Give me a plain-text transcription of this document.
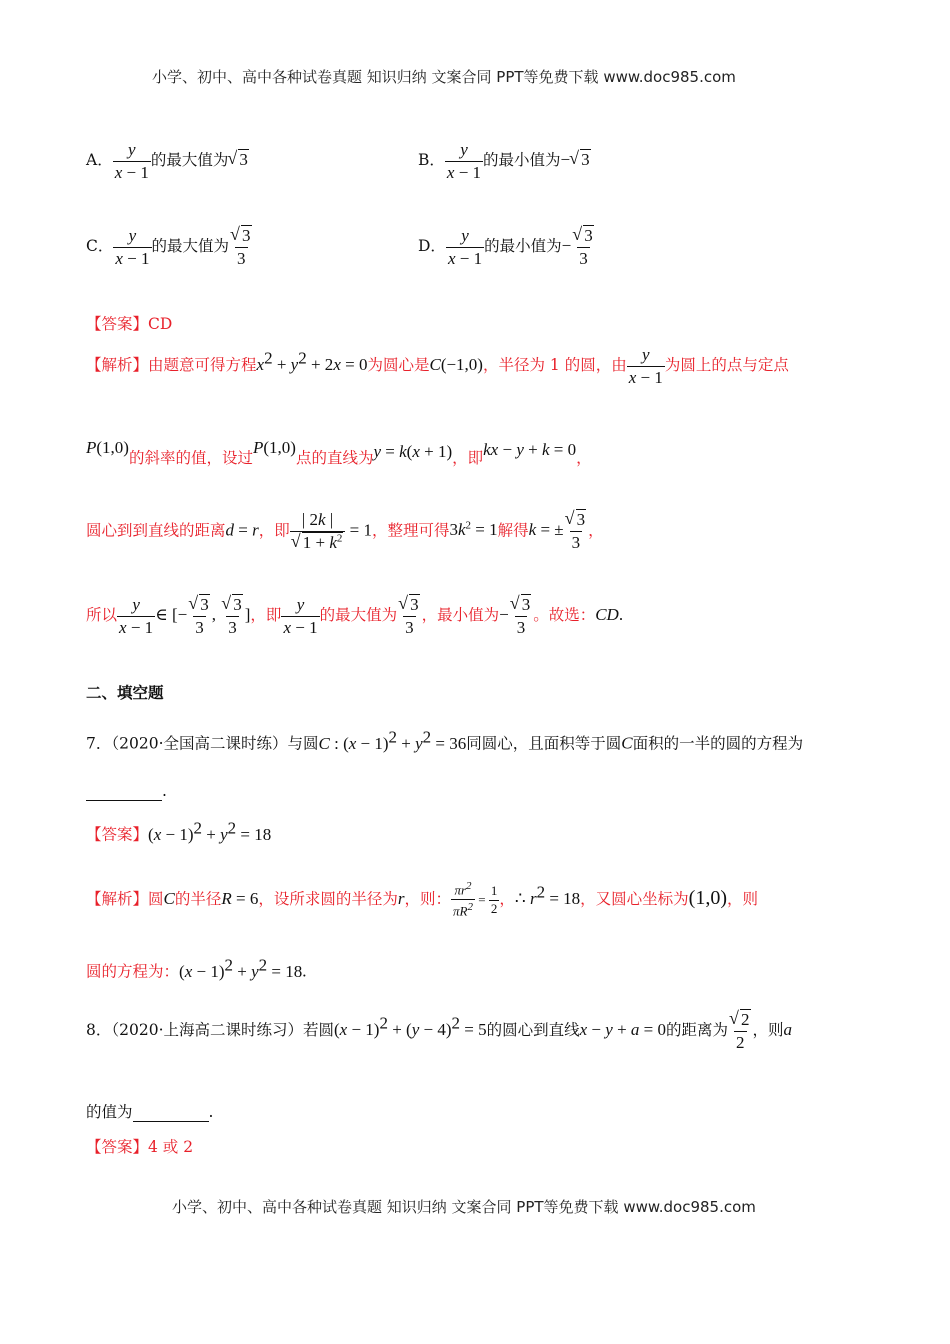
小学、初中、高中各种试卷真题 知识归纳 文案合同 PPT等免费下载 www.doc985.com
A． $\frac{y}{x - 1}$ 的最大值为 √ 3	B． $\frac{y}{x - 1}$ 的最小值为− √ 3
C． $\frac{y}{x - 1}$ 的最大值为 √ $\frac{3}{3}$	D． $\frac{y}{x - 1}$ 的最小值为− √ $\frac{3}{3}$
【答案】CD
【解析】由题意可得方程$x^2 + y^2 + 2x = 0$为圆心是C(−1,0)，半径为 1 的圆，由 $\frac{y}{x - 1}$ 为圆上的点与定点
P(1,0)的斜率的值，设过P(1,0)点的直线为y = k(x + 1)，即kx − y + k = 0，
圆心到到直线的距离d = r，即 | 2k |
√ $1 + k^2 = 1$，整理可得$3k^2 = 1$解得k = ± √ $\frac{3}{3}$ ，
所以 $\frac{y}{x - 1}$ ∈ [− √ $\frac{3}{3}$ , √ $\frac{3}{3}$ ]，即 $\frac{y}{x - 1}$ 的最大值为 √ $\frac{3}{3}$ ，最小值为− √ $\frac{3}{3}$ 。故选：CD.
二、填空题
7．（2020·全国高二课时练）与圆C : $(x - 1)^2 + y^2 = 36$同圆心，且面积等于圆C面积的一半的圆的方程为
.
【答案】$(x - 1)^2 + y^2 = 18$
【解析】圆C的半径R = 6，设所求圆的半径为r，则： $\frac{\pi r^2}{\pi R^2} = \frac{1}{2}$ ，∴ $r^2 = 18$，又圆心坐标为(1,0)，则
圆的方程为：$(x - 1)^2 + y^2 = 18$.
8．（2020·上海高二课时练习）若圆$(x - 1)^2 + (y - 4)^2 = 5$的圆心到直线x − y + a = 0的距离为 √ $\frac{2}{2}$ ，则a
的值为	.
【答案】4 或 2
小学、初中、高中各种试卷真题 知识归纳 文案合同 PPT等免费下载 www.doc985.com
